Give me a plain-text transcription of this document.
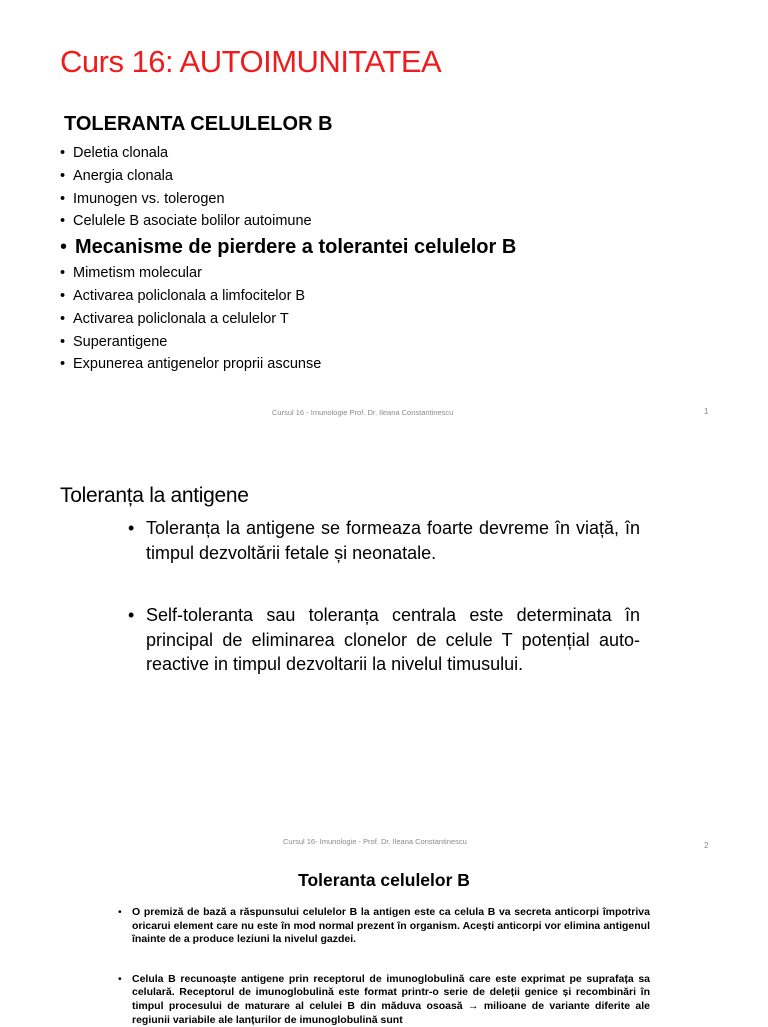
Curs 16: AUTOIMUNITATEA
TOLERANTA CELULELOR B
• Deletia clonala
• Anergia clonala
• Imunogen vs. tolerogen
• Celulele B asociate bolilor autoimune
• Mecanisme de pierdere a tolerantei celulelor B
• Mimetism molecular
• Activarea policlonala a limfocitelor B
• Activarea policlonala a celulelor T
• Superantigene
• Expunerea antigenelor proprii ascunse
Cursul 16 - Imunologie Prof. Dr. Ileana Constantinescu	1
Toleranța la antigene
• Toleranța la antigene se formeaza foarte devreme în viață, în timpul dezvoltării fetale și neonatale.
• Self-toleranta sau toleranța centrala este determinata în principal de eliminarea clonelor de celule T potențial auto-reactive in timpul dezvoltarii la nivelul timusului.
Cursul 16- Imunologie - Prof. Dr. Ileana Constantinescu	2
Toleranta celulelor B
• O premiză de bază a răspunsului celulelor B la antigen este ca celula B va secreta anticorpi împotriva oricarui element care nu este în mod normal prezent în organism. Acești anticorpi vor elimina antigenul înainte de a produce leziuni la nivelul gazdei.
• Celula B recunoaște antigene prin receptorul de imunoglobulină care este exprimat pe suprafața sa celulară. Receptorul de imunoglobulină este format printr-o serie de deleții genice și recombinări în timpul procesului de maturare al celulei B din măduva osoasă → milioane de variante diferite ale regiunii variabile ale lanțurilor de imunoglobulină sunt
